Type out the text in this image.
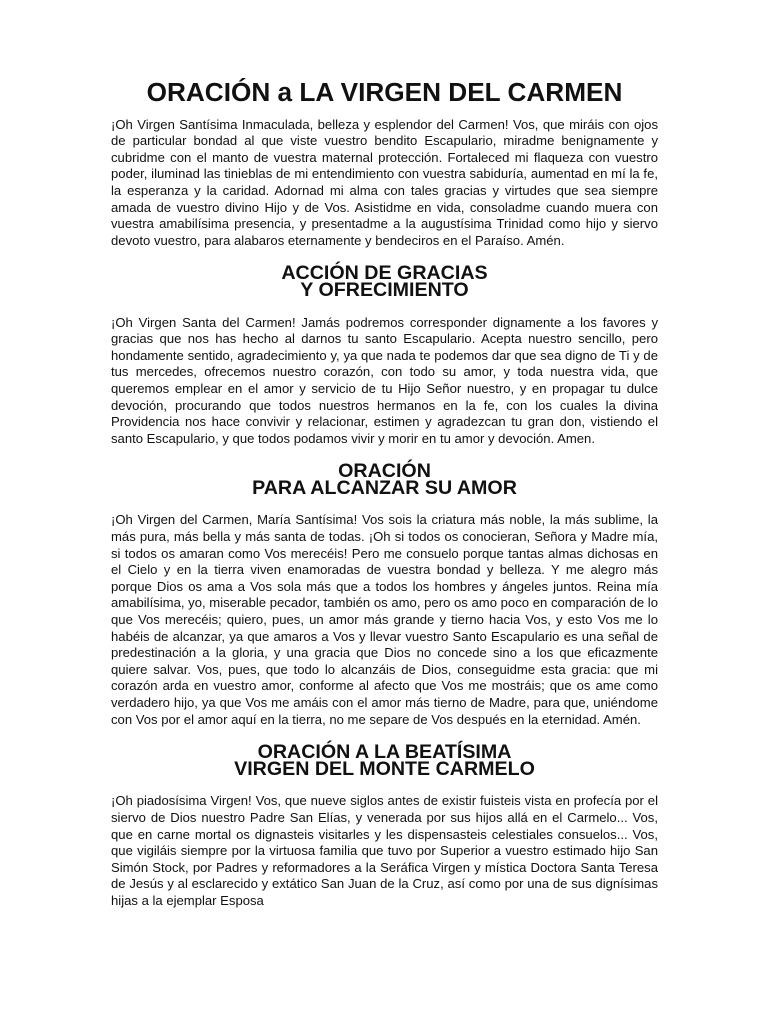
ORACIÓN a LA VIRGEN DEL CARMEN

¡Oh Virgen Santísima Inmaculada, belleza y esplendor del Carmen! Vos, que miráis con ojos de particular bondad al que viste vuestro bendito Escapulario, miradme benignamente y cubridme con el manto de vuestra maternal protección. Fortaleced mi flaqueza con vuestro poder, iluminad las tinieblas de mi entendimiento con vuestra sabiduría, aumentad en mí la fe, la esperanza y la caridad. Adornad mi alma con tales gracias y virtudes que sea siempre amada de vuestro divino Hijo y de Vos. Asistidme en vida, consoladme cuando muera con vuestra amabilísima presencia, y presentadme a la augustísima Trinidad como hijo y siervo devoto vuestro, para alabaros eternamente y bendeciros en el Paraíso. Amén.

ACCIÓN DE GRACIAS
Y OFRECIMIENTO

¡Oh Virgen Santa del Carmen! Jamás podremos corresponder dignamente a los favores y gracias que nos has hecho al darnos tu santo Escapulario. Acepta nuestro sencillo, pero hondamente sentido, agradecimiento y, ya que nada te podemos dar que sea digno de Ti y de tus mercedes, ofrecemos nuestro corazón, con todo su amor, y toda nuestra vida, que queremos emplear en el amor y servicio de tu Hijo Señor nuestro, y en propagar tu dulce devoción, procurando que todos nuestros hermanos en la fe, con los cuales la divina Providencia nos hace convivir y relacionar, estimen y agradezcan tu gran don, vistiendo el santo Escapulario, y que todos podamos vivir y morir en tu amor y devoción. Amen.

ORACIÓN
PARA ALCANZAR SU AMOR

¡Oh Virgen del Carmen, María Santísima! Vos sois la criatura más noble, la más sublime, la más pura, más bella y más santa de todas. ¡Oh si todos os conocieran, Señora y Madre mía, si todos os amaran como Vos merecéis! Pero me consuelo porque tantas almas dichosas en el Cielo y en la tierra viven enamoradas de vuestra bondad y belleza. Y me alegro más porque Dios os ama a Vos sola más que a todos los hombres y ángeles juntos. Reina mía amabilísima, yo, miserable pecador, también os amo, pero os amo poco en comparación de lo que Vos merecéis; quiero, pues, un amor más grande y tierno hacia Vos, y esto Vos me lo habéis de alcanzar, ya que amaros a Vos y llevar vuestro Santo Escapulario es una señal de predestinación a la gloria, y una gracia que Dios no concede sino a los que eficazmente quiere salvar. Vos, pues, que todo lo alcanzáis de Dios, conseguidme esta gracia: que mi corazón arda en vuestro amor, conforme al afecto que Vos me mostráis; que os ame como verdadero hijo, ya que Vos me amáis con el amor más tierno de Madre, para que, uniéndome con Vos por el amor aquí en la tierra, no me separe de Vos después en la eternidad. Amén.

ORACIÓN A LA BEATÍSIMA
VIRGEN DEL MONTE CARMELO

¡Oh piadosísima Virgen! Vos, que nueve siglos antes de existir fuisteis vista en profecía por el siervo de Dios nuestro Padre San Elías, y venerada por sus hijos allá en el Carmelo... Vos, que en carne mortal os dignasteis visitarles y les dispensasteis celestiales consuelos... Vos, que vigiláis siempre por la virtuosa familia que tuvo por Superior a vuestro estimado hijo San Simón Stock, por Padres y reformadores a la Seráfica Virgen y mística Doctora Santa Teresa de Jesús y al esclarecido y extático San Juan de la Cruz, así como por una de sus dignísimas hijas a la ejemplar Esposa
